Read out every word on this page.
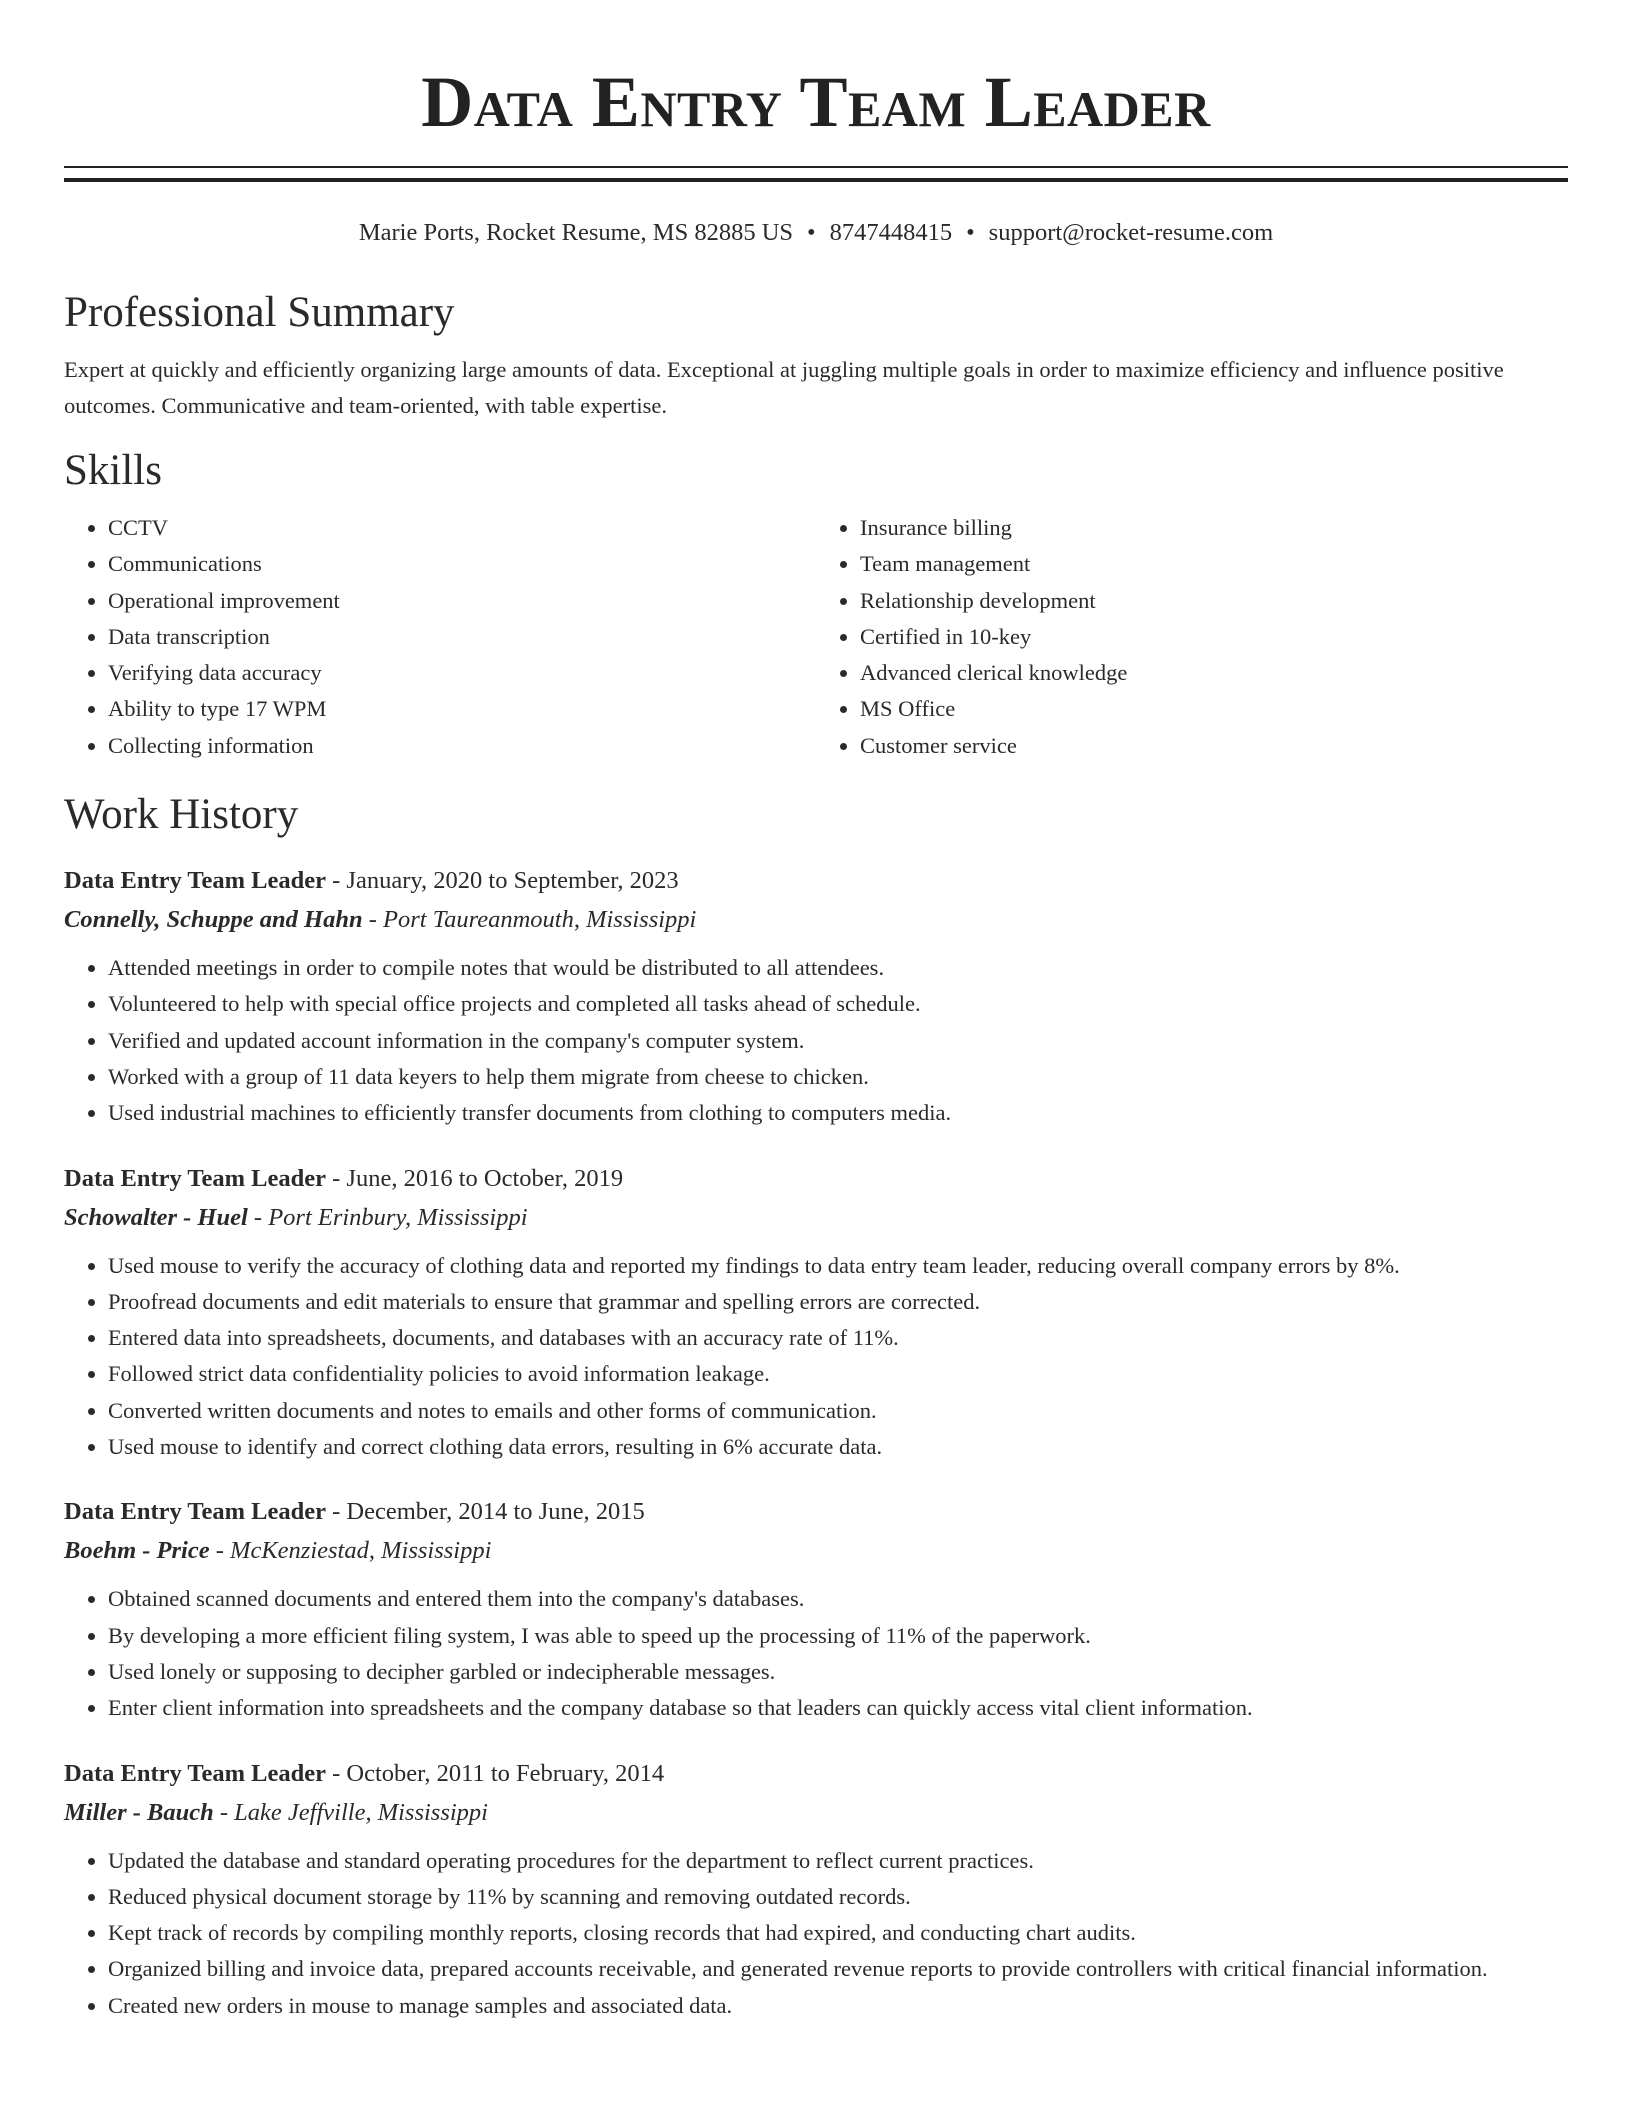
Data Entry Team Leader
Marie Ports, Rocket Resume, MS 82885 US • 8747448415 • support@rocket-resume.com
Professional Summary
Expert at quickly and efficiently organizing large amounts of data. Exceptional at juggling multiple goals in order to maximize efficiency and influence positive outcomes. Communicative and team-oriented, with table expertise.
Skills
• CCTV
• Communications
• Operational improvement
• Data transcription
• Verifying data accuracy
• Ability to type 17 WPM
• Collecting information
• Insurance billing
• Team management
• Relationship development
• Certified in 10-key
• Advanced clerical knowledge
• MS Office
• Customer service
Work History
Data Entry Team Leader - January, 2020 to September, 2023
Connelly, Schuppe and Hahn - Port Taureanmouth, Mississippi
• Attended meetings in order to compile notes that would be distributed to all attendees.
• Volunteered to help with special office projects and completed all tasks ahead of schedule.
• Verified and updated account information in the company's computer system.
• Worked with a group of 11 data keyers to help them migrate from cheese to chicken.
• Used industrial machines to efficiently transfer documents from clothing to computers media.
Data Entry Team Leader - June, 2016 to October, 2019
Schowalter - Huel - Port Erinbury, Mississippi
• Used mouse to verify the accuracy of clothing data and reported my findings to data entry team leader, reducing overall company errors by 8%.
• Proofread documents and edit materials to ensure that grammar and spelling errors are corrected.
• Entered data into spreadsheets, documents, and databases with an accuracy rate of 11%.
• Followed strict data confidentiality policies to avoid information leakage.
• Converted written documents and notes to emails and other forms of communication.
• Used mouse to identify and correct clothing data errors, resulting in 6% accurate data.
Data Entry Team Leader - December, 2014 to June, 2015
Boehm - Price - McKenziestad, Mississippi
• Obtained scanned documents and entered them into the company's databases.
• By developing a more efficient filing system, I was able to speed up the processing of 11% of the paperwork.
• Used lonely or supposing to decipher garbled or indecipherable messages.
• Enter client information into spreadsheets and the company database so that leaders can quickly access vital client information.
Data Entry Team Leader - October, 2011 to February, 2014
Miller - Bauch - Lake Jeffville, Mississippi
• Updated the database and standard operating procedures for the department to reflect current practices.
• Reduced physical document storage by 11% by scanning and removing outdated records.
• Kept track of records by compiling monthly reports, closing records that had expired, and conducting chart audits.
• Organized billing and invoice data, prepared accounts receivable, and generated revenue reports to provide controllers with critical financial information.
• Created new orders in mouse to manage samples and associated data.
